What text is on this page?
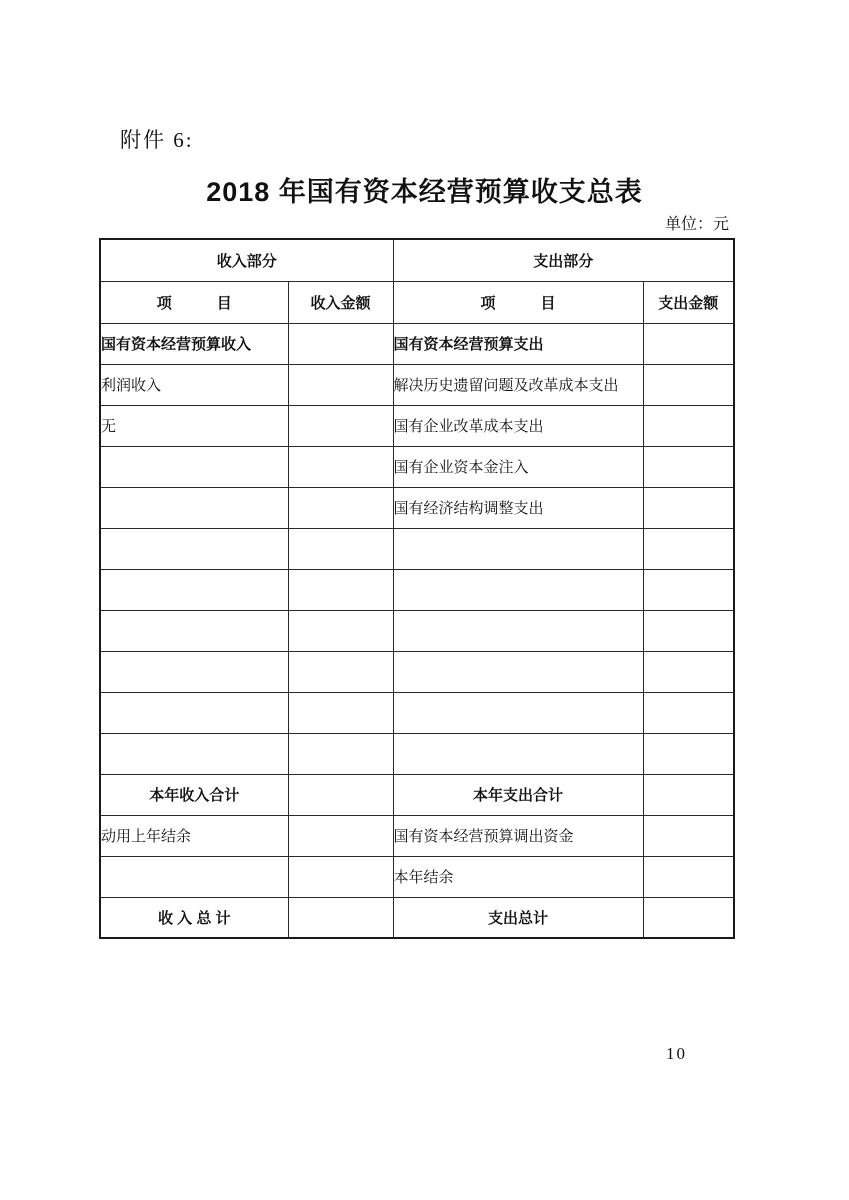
附件 6:
2018 年国有资本经营预算收支总表
单位：元
收入部分		支出部分	
项　　　目	收入金额	项　　　目	支出金额
国有资本经营预算收入		国有资本经营预算支出	
利润收入		解决历史遗留问题及改革成本支出	
无		国有企业改革成本支出	
		国有企业资本金注入	
		国有经济结构调整支出	

本年收入合计		本年支出合计	
动用上年结余		国有资本经营预算调出资金	
		本年结余	
收 入 总 计		支出总计	
10
